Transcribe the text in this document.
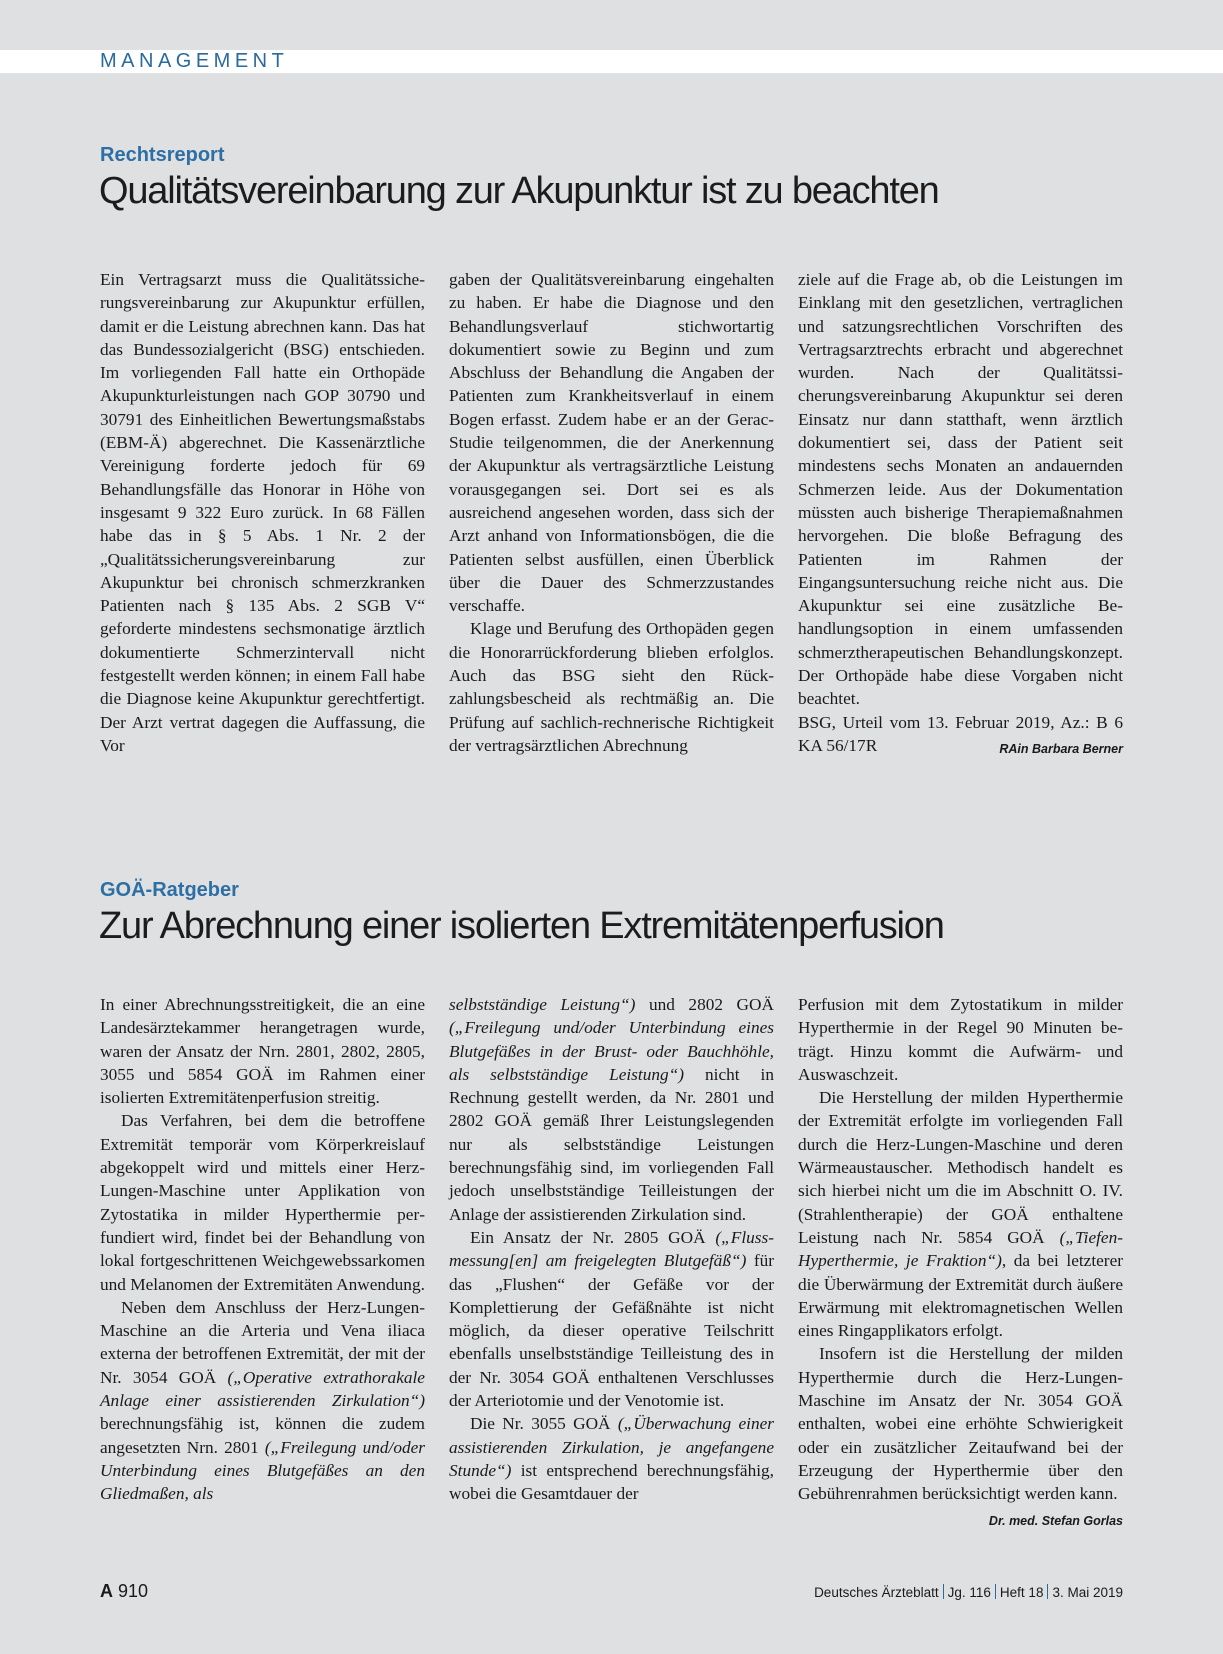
MANAGEMENT
Rechtsreport
Qualitätsvereinbarung zur Akupunktur ist zu beachten

Ein Vertragsarzt muss die Qualitätssicherungsvereinbarung zur Akupunktur erfüllen, damit er die Leistung abrechnen kann. Das hat das Bundessozialgericht (BSG) entschieden. Im vorliegenden Fall hatte ein Orthopäde Akupunkturleistungen nach GOP 30790 und 30791 des Einheitlichen Bewertungsmaßstabs (EBM-Ä) abgerechnet. Die Kassenärztliche Vereinigung forderte jedoch für 69 Behandlungsfälle das Honorar in Höhe von insgesamt 9 322 Euro zurück. In 68 Fällen habe das in § 5 Abs. 1 Nr. 2 der „Qualitätssicherungsvereinbarung zur Akupunktur bei chronisch schmerzkranken Patienten nach § 135 Abs. 2 SGB V“ geforderte mindestens sechsmonatige ärztlich dokumentierte Schmerzintervall nicht festgestellt werden können; in einem Fall habe die Diagnose keine Akupunktur gerechtfertigt. Der Arzt vertrat dagegen die Auffassung, die Vor

gaben der Qualitätsvereinbarung eingehalten zu haben. Er habe die Diagnose und den Behandlungsverlauf stichwortartig dokumentiert sowie zu Beginn und zum Abschluss der Behandlung die Angaben der Patienten zum Krankheitsverlauf in einem Bogen erfasst. Zudem habe er an der Gerac-Studie teilgenommen, die der Anerkennung der Akupunktur als vertragsärztliche Leistung vorausgegangen sei. Dort sei es als ausreichend angesehen worden, dass sich der Arzt anhand von Informationsbögen, die die Patienten selbst ausfüllen, einen Überblick über die Dauer des Schmerzzustandes verschaffe.

Klage und Berufung des Orthopäden gegen die Honorarrückforderung blieben erfolglos. Auch das BSG sieht den Rückzahlungsbescheid als rechtmäßig an. Die Prüfung auf sachlich-rechnerische Richtigkeit der vertragsärztlichen Abrechnung

ziele auf die Frage ab, ob die Leistungen im Einklang mit den gesetzlichen, vertraglichen und satzungsrechtlichen Vorschriften des Vertragsarztrechts erbracht und abgerechnet wurden. Nach der Qualitätssicherungsvereinbarung Akupunktur sei deren Einsatz nur dann statthaft, wenn ärztlich dokumentiert sei, dass der Patient seit mindestens sechs Monaten an andauernden Schmerzen leide. Aus der Dokumentation müssten auch bisherige Therapiemaßnahmen hervorgehen. Die bloße Befragung des Patienten im Rahmen der Eingangsuntersuchung reiche nicht aus. Die Akupunktur sei eine zusätzliche Behandlungsoption in einem umfassenden schmerztherapeutischen Behandlungskonzept. Der Orthopäde habe diese Vorgaben nicht beachtet.

BSG, Urteil vom 13. Februar 2019, Az.: B 6 KA 56/17R	RAin Barbara Berner

GOÄ-Ratgeber
Zur Abrechnung einer isolierten Extremitätenperfusion

In einer Abrechnungsstreitigkeit, die an eine Landesärztekammer herangetragen wurde, waren der Ansatz der Nrn. 2801, 2802, 2805, 3055 und 5854 GOÄ im Rahmen einer isolierten Extremitätenperfusion streitig.

Das Verfahren, bei dem die betroffene Extremität temporär vom Körperkreislauf abgekoppelt wird und mittels einer Herz-Lungen-Maschine unter Applikation von Zytostatika in milder Hyperthermie perfundiert wird, findet bei der Behandlung von lokal fortgeschrittenen Weichgewebssarkomen und Melanomen der Extremitäten Anwendung.

Neben dem Anschluss der Herz-Lungen-Maschine an die Arteria und Vena iliaca externa der betroffenen Extremität, der mit der Nr. 3054 GOÄ („Operative extrathorakale Anlage einer assistierenden Zirkulation“) berechnungsfähig ist, können die zudem angesetzten Nrn. 2801 („Freilegung und/oder Unterbindung eines Blutgefäßes an den Gliedmaßen, als

selbstständige Leistung“) und 2802 GOÄ („Freilegung und/oder Unterbindung eines Blutgefäßes in der Brust- oder Bauchhöhle, als selbstständige Leistung“) nicht in Rechnung gestellt werden, da Nr. 2801 und 2802 GOÄ gemäß Ihrer Leistungslegenden nur als selbstständige Leistungen berechnungsfähig sind, im vorliegenden Fall jedoch unselbstständige Teilleistungen der Anlage der assistierenden Zirkulation sind.

Ein Ansatz der Nr. 2805 GOÄ („Flussmessung[en] am freigelegten Blutgefäß“) für das „Flushen“ der Gefäße vor der Komplettierung der Gefäßnähte ist nicht möglich, da dieser operative Teilschritt ebenfalls unselbstständige Teilleistung des in der Nr. 3054 GOÄ enthaltenen Verschlusses der Arteriotomie und der Venotomie ist.

Die Nr. 3055 GOÄ („Überwachung einer assistierenden Zirkulation, je angefangene Stunde“) ist entsprechend berechnungsfähig, wobei die Gesamtdauer der

Perfusion mit dem Zytostatikum in milder Hyperthermie in der Regel 90 Minuten beträgt. Hinzu kommt die Aufwärm- und Auswaschzeit.

Die Herstellung der milden Hyperthermie der Extremität erfolgte im vorliegenden Fall durch die Herz-Lungen-Maschine und deren Wärmeaustauscher. Methodisch handelt es sich hierbei nicht um die im Abschnitt O. IV. (Strahlentherapie) der GOÄ enthaltene Leistung nach Nr. 5854 GOÄ („Tiefen-Hyperthermie, je Fraktion“), da bei letzterer die Überwärmung der Extremität durch äußere Erwärmung mit elektromagnetischen Wellen eines Ringapplikators erfolgt.

Insofern ist die Herstellung der milden Hyperthermie durch die Herz-Lungen-Maschine im Ansatz der Nr. 3054 GOÄ enthalten, wobei eine erhöhte Schwierigkeit oder ein zusätzlicher Zeitaufwand bei der Erzeugung der Hyperthermie über den Gebührenrahmen berücksichtigt werden kann.
Dr. med. Stefan Gorlas

A 910	Deutsches Ärzteblatt Jg. 116 Heft 18 3. Mai 2019
